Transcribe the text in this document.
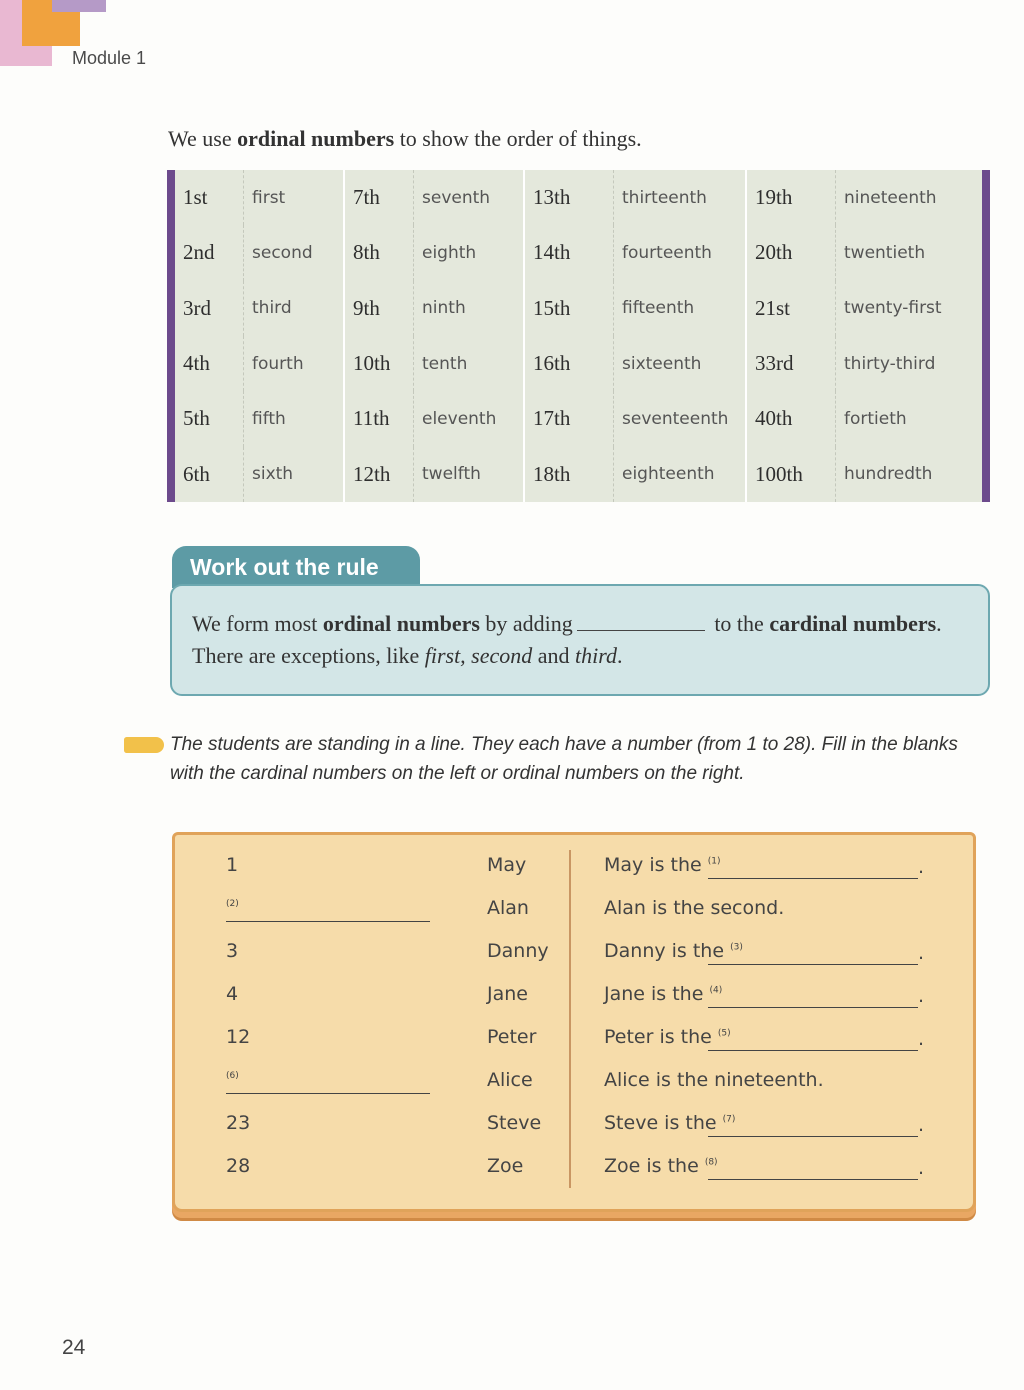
Module 1
We use ordinal numbers to show the order of things.
1st	first	7th	seventh	13th	thirteenth	19th	nineteenth
2nd	second	8th	eighth	14th	fourteenth	20th	twentieth
3rd	third	9th	ninth	15th	fifteenth	21st	twenty-first
4th	fourth	10th	tenth	16th	sixteenth	33rd	thirty-third
5th	fifth	11th	eleventh	17th	seventeenth	40th	fortieth
6th	sixth	12th	twelfth	18th	eighteenth	100th	hundredth
Work out the rule
We form most ordinal numbers by adding	to the cardinal numbers. There are exceptions, like first, second and third.
The students are standing in a line. They each have a number (from 1 to 28). Fill in the blanks with the cardinal numbers on the left or ordinal numbers on the right.
1	May	May is the $^{(1)}$	.
(2)	Alan	Alan is the second.
3	Danny	Danny is the $^{(3)}$	.
4	Jane	Jane is the $^{(4)}$	.
12	Peter	Peter is the $^{(5)}$	.
(6)	Alice	Alice is the nineteenth.
23	Steve	Steve is the $^{(7)}$	.
28	Zoe	Zoe is the $^{(8)}$	.
24
